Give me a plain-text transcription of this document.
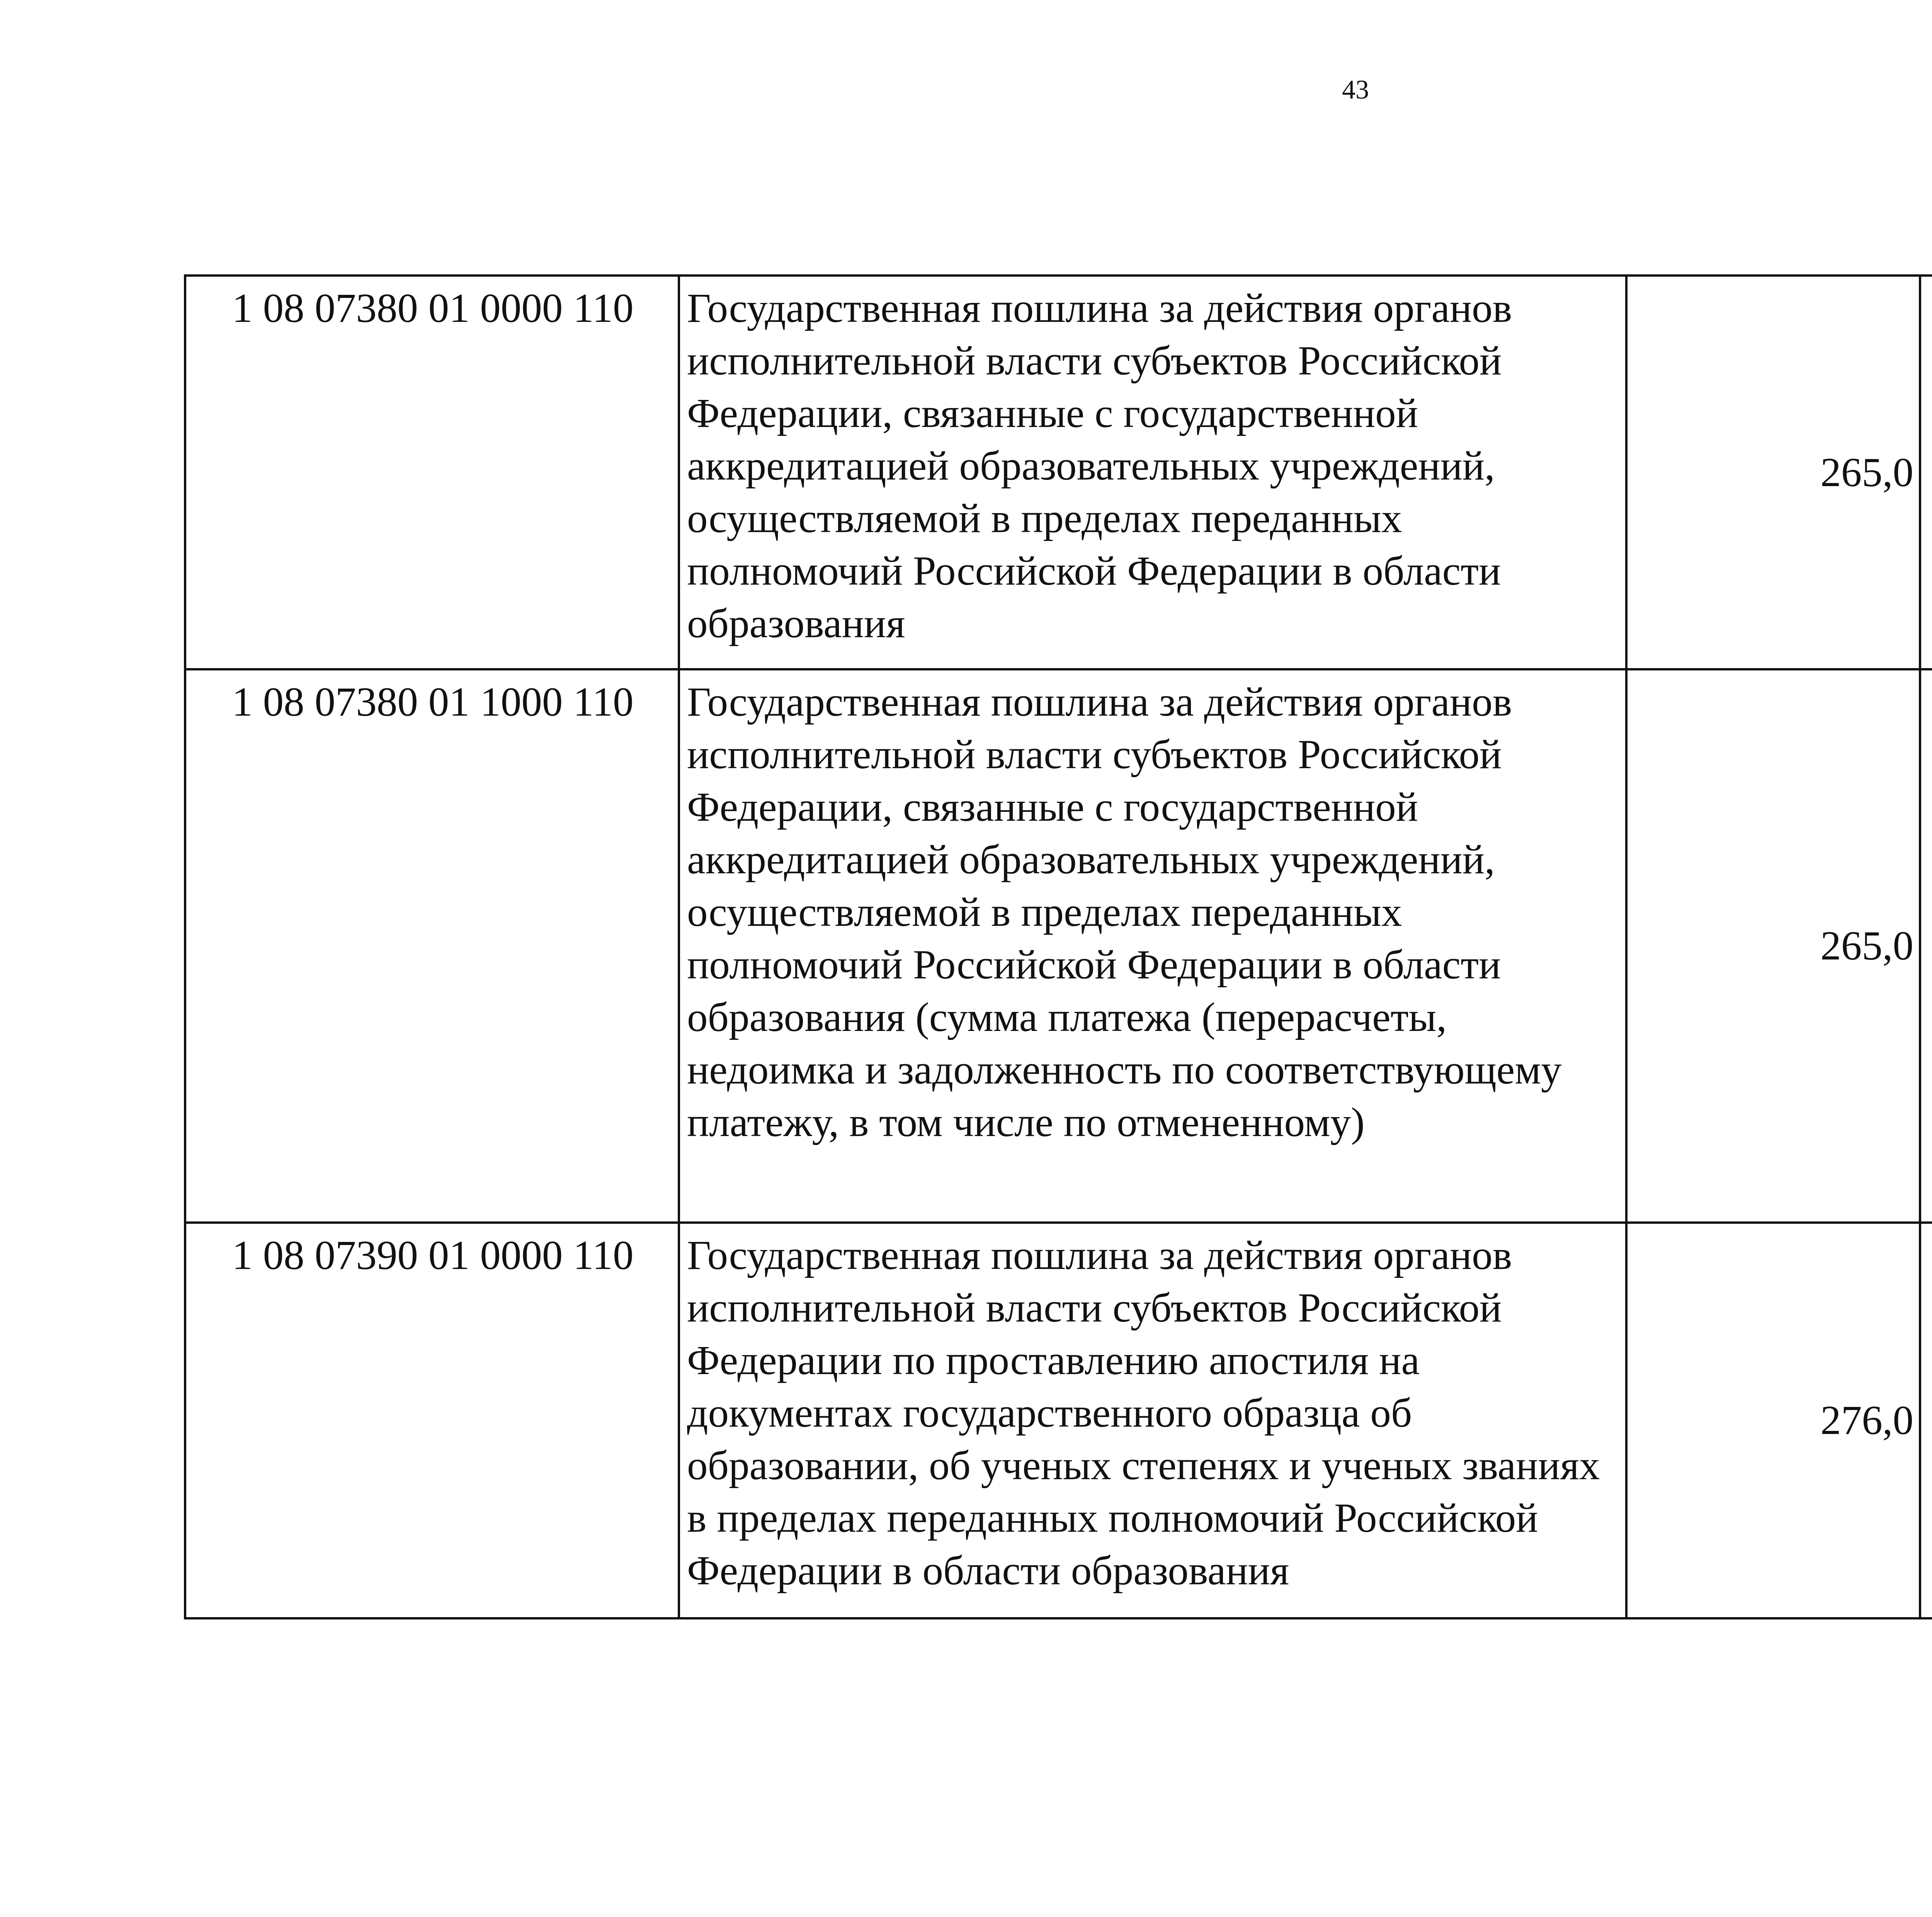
43
1 08 07380 01 0000 110	Государственная пошлина за действия органов исполнительной власти субъектов Российской Федерации, связанные с государственной аккредитацией образовательных учреждений, осуществляемой в пределах переданных полномочий Российской Федерации в области образования	265,0		
1 08 07380 01 1000 110	Государственная пошлина за действия органов исполнительной власти субъектов Российской Федерации, связанные с государственной аккредитацией образовательных учреждений, осуществляемой в пределах переданных полномочий Российской Федерации в области образования (сумма платежа (перерасчеты, недоимка и задолженность по соответствующему платежу, в том числе по отмененному)	265,0		
1 08 07390 01 0000 110	Государственная пошлина за действия органов исполнительной власти субъектов Российской Федерации по проставлению апостиля на документах государственного образца об образовании, об ученых степенях и ученых званиях в пределах переданных полномочий Российской Федерации в области образования	276,0		
